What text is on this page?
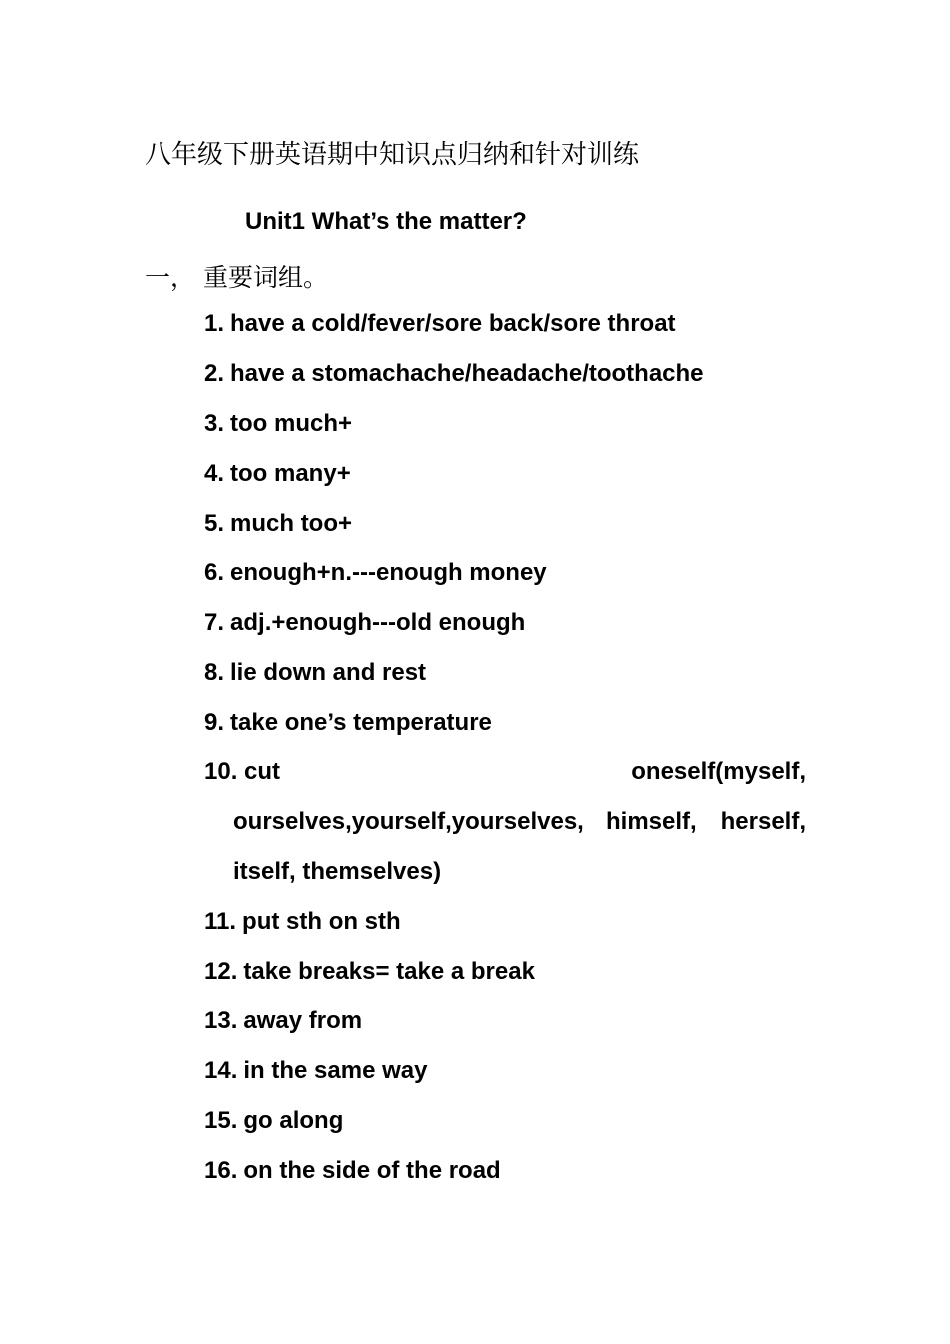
八年级下册英语期中知识点归纳和针对训练
Unit1 What’s the matter?
一， 重要词组。
1. have a cold/fever/sore back/sore throat
2. have a stomachache/headache/toothache
3. too much+
4. too many+
5. much too+
6. enough+n.---enough money
7. adj.+enough---old enough
8. lie down and rest
9. take one’s temperature
10. cut	oneself(myself,
ourselves,yourself,yourselves, himself, herself,
itself, themselves)
11. put sth on sth
12. take breaks= take a break
13. away from
14. in the same way
15. go along
16. on the side of the road
